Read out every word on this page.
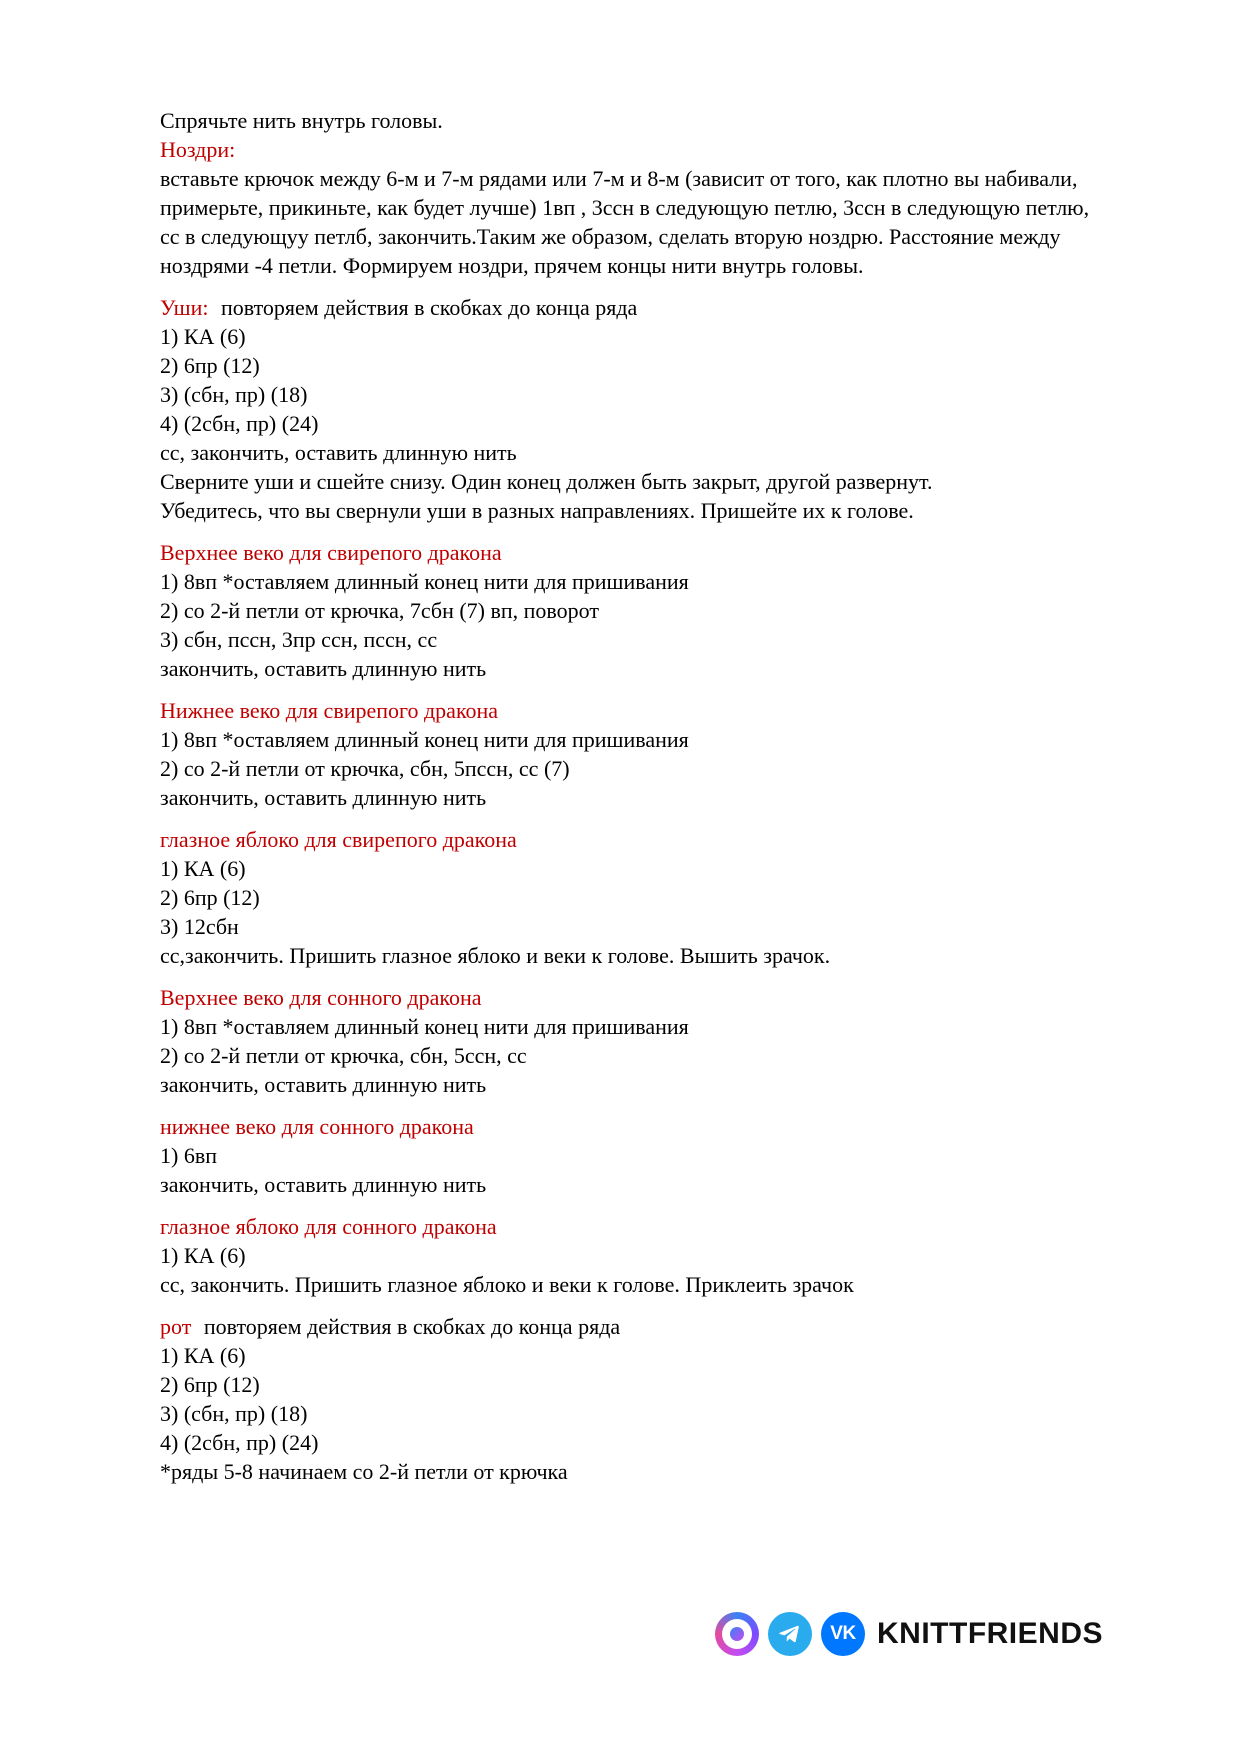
Спрячьте нить внутрь головы.
Ноздри:
вставьте крючок между 6-м и 7-м рядами или 7-м и 8-м (зависит от того, как плотно вы набивали, примерьте, прикиньте, как будет лучше) 1вп , 3ссн в следующую петлю, 3ссн в следующую петлю, сс в следующуу петлб, закончить.Таким же образом, сделать вторую ноздрю. Расстояние между ноздрями -4 петли. Формируем ноздри, прячем концы нити внутрь головы.
Уши: повторяем действия в скобках до конца ряда
1) КА (6)
2) 6пр (12)
3) (сбн, пр) (18)
4) (2сбн, пр) (24)
сс, закончить, оставить длинную нить
Сверните уши и сшейте снизу. Один конец должен быть закрыт, другой развернут.
Убедитесь, что вы свернули уши в разных направлениях. Пришейте их к голове.
Верхнее веко для свирепого дракона
1) 8вп *оставляем длинный конец нити для пришивания
2) со 2-й петли от крючка, 7сбн (7) вп, поворот
3) сбн, пссн, 3пр ссн, пссн, сс
закончить, оставить длинную нить
Нижнее веко для свирепого дракона
1) 8вп *оставляем длинный конец нити для пришивания
2) со 2-й петли от крючка, сбн, 5пссн, сс (7)
закончить, оставить длинную нить
глазное яблоко для свирепого дракона
1) КА (6)
2) 6пр (12)
3) 12сбн
сс,закончить. Пришить глазное яблоко и веки к голове. Вышить зрачок.
Верхнее веко для сонного дракона
1) 8вп *оставляем длинный конец нити для пришивания
2) со 2-й петли от крючка, сбн, 5ссн, сс
закончить, оставить длинную нить
нижнее веко для сонного дракона
1) 6вп
закончить, оставить длинную нить
глазное яблоко для сонного дракона
1) КА (6)
сс, закончить. Пришить глазное яблоко и веки к голове. Приклеить зрачок
рот повторяем действия в скобках до конца ряда
1) КА (6)
2) 6пр (12)
3) (сбн, пр) (18)
4) (2сбн, пр) (24)
*ряды 5-8 начинаем со 2-й петли от крючка
VK KNITTFRIENDS
